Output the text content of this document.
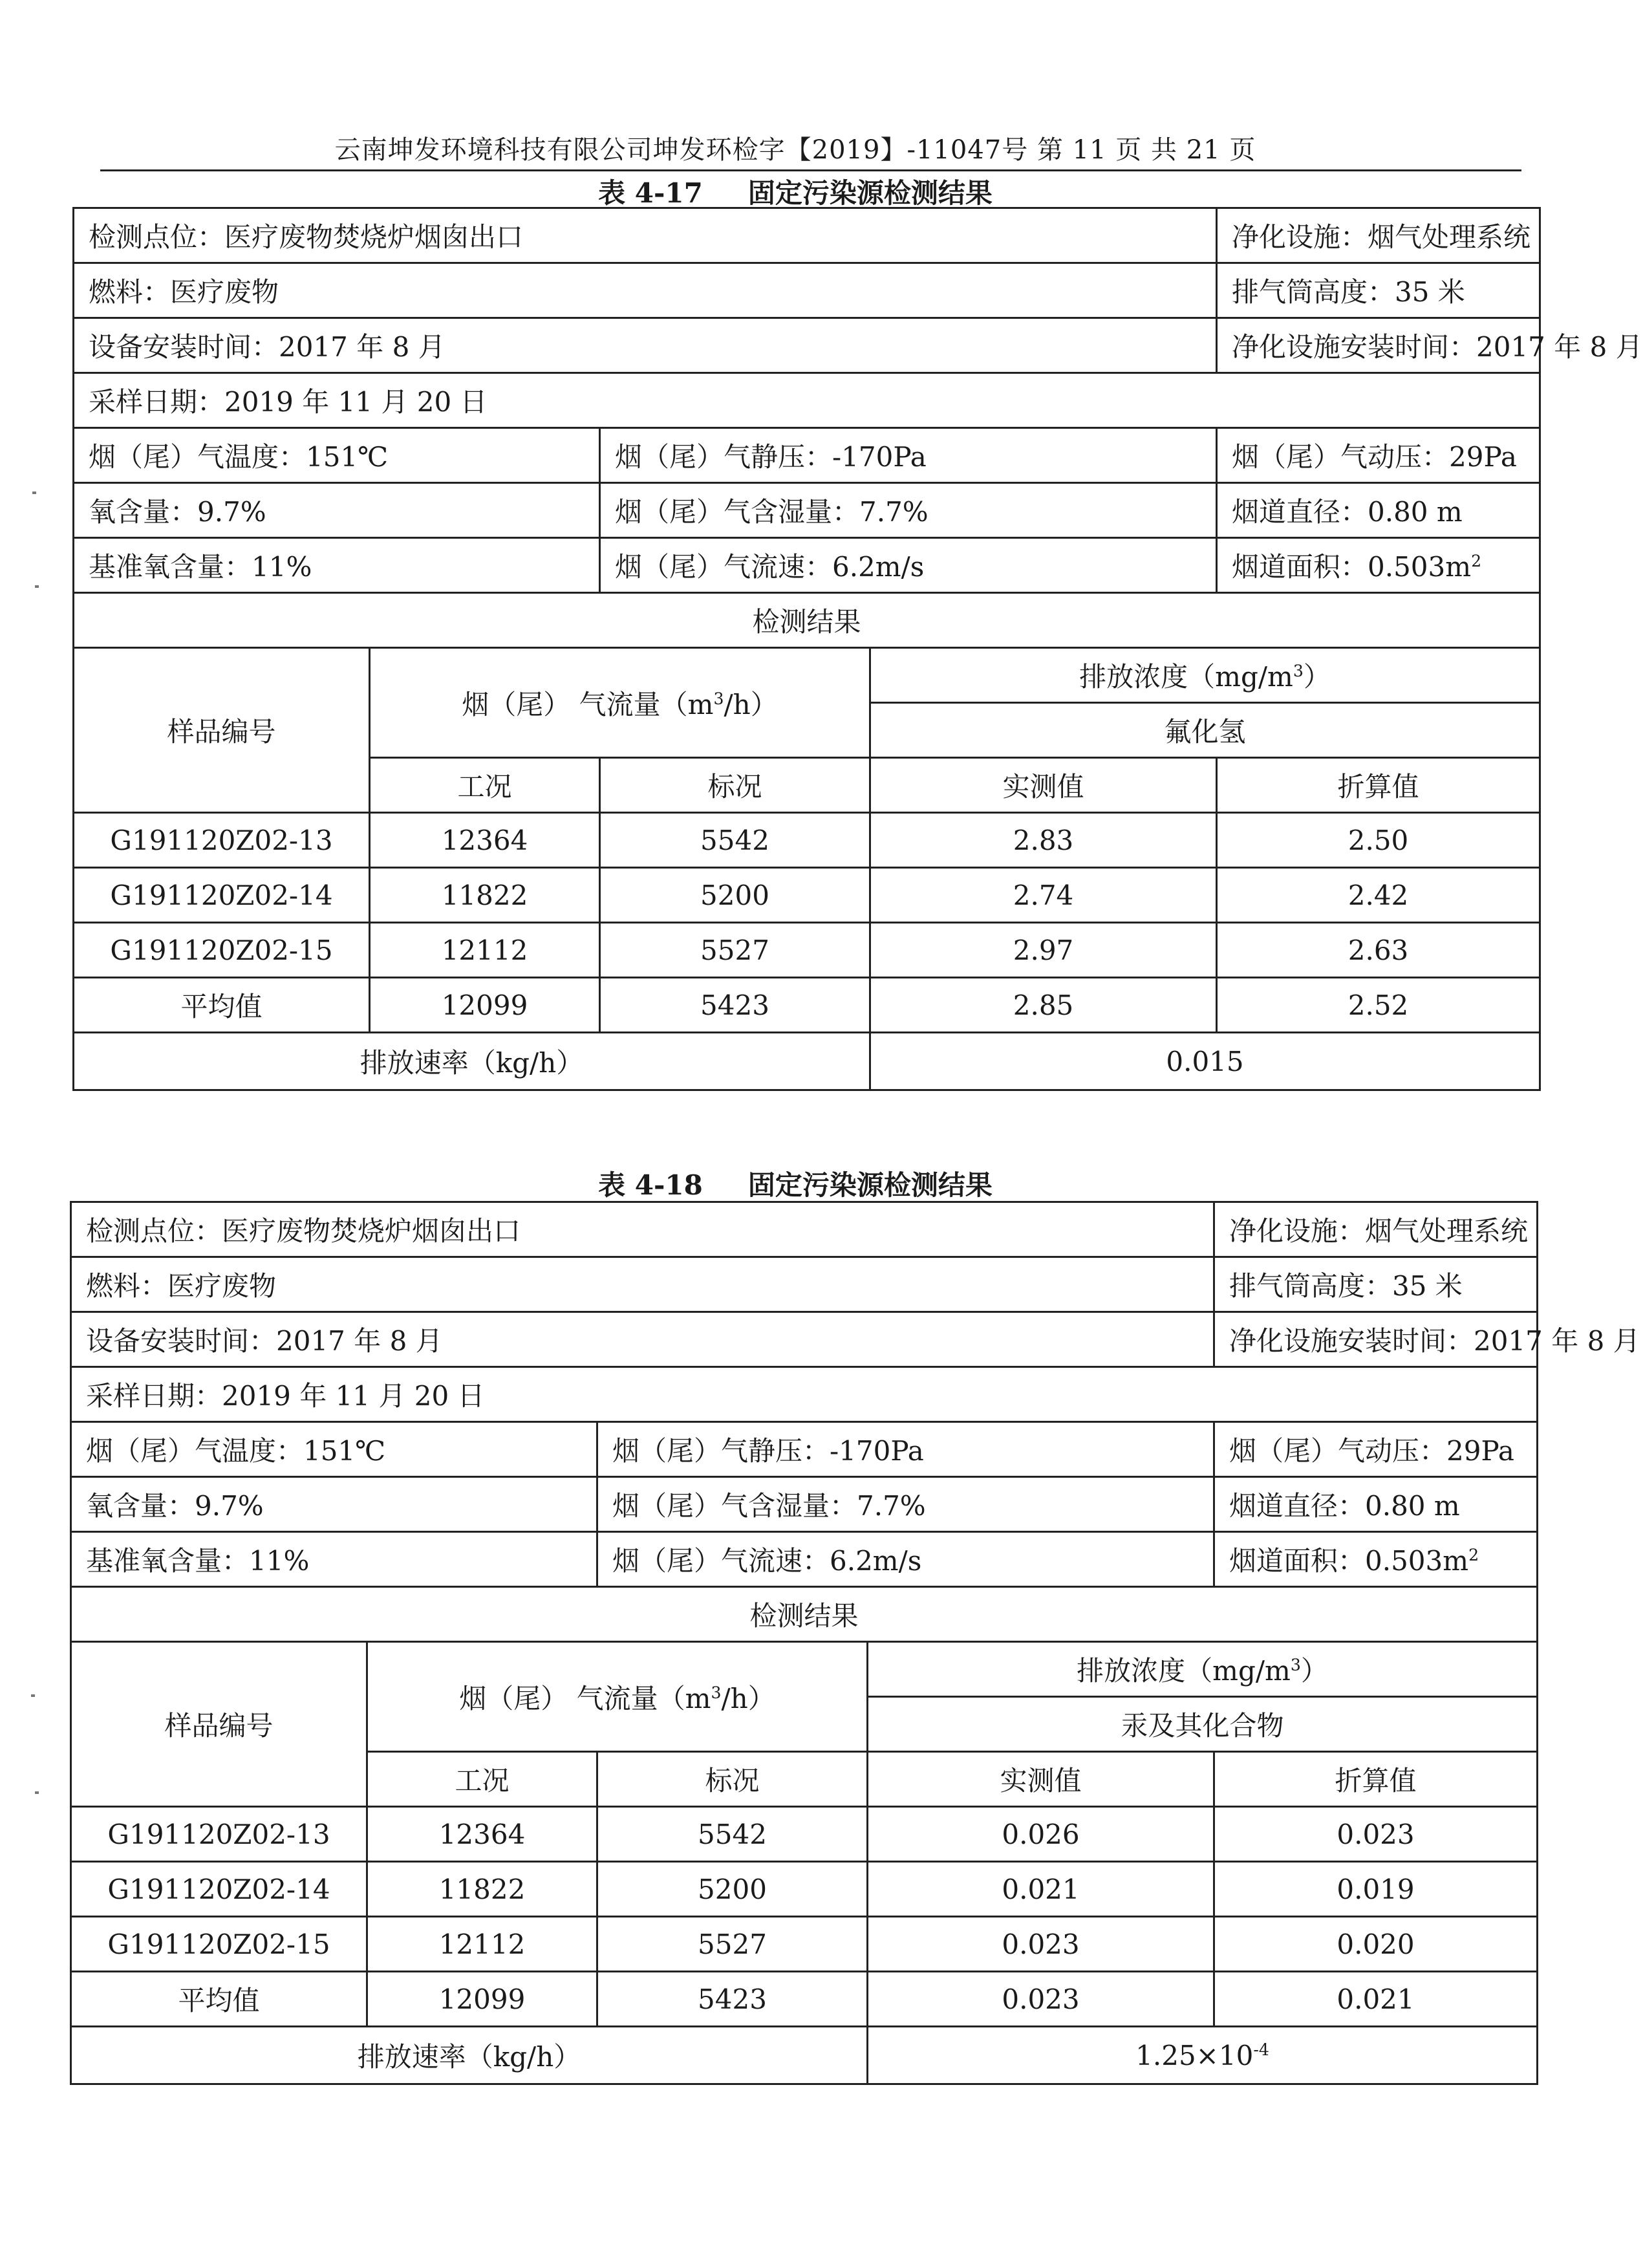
云南坤发环境科技有限公司坤发环检字【2019】-11047号 第 11 页 共 21 页
表 4-17 固定污染源检测结果
检测点位：医疗废物焚烧炉烟囱出口				净化设施：烟气处理系统
燃料：医疗废物				排气筒高度：35 米
设备安装时间：2017 年 8 月				净化设施安装时间：2017 年 8 月
采样日期：2019 年 11 月 20 日				
烟（尾）气温度：151℃		烟（尾）气静压：-170Pa		烟（尾）气动压：29Pa
氧含量：9.7%		烟（尾）气含湿量：7.7%		烟道直径：0.80 m
基准氧含量：11%		烟（尾）气流速：6.2m/s		烟道面积：$0.503m^2$
检测结果				
样品编号	烟（尾） 气流量$(m^3/h)$		排放浓度$(mg/m^3)$	
			氟化氢	
	工况	标况	实测值	折算值
G191120Z02-13	12364	5542	2.83	2.50
G191120Z02-14	11822	5200	2.74	2.42
G191120Z02-15	12112	5527	2.97	2.63
平均值	12099	5423	2.85	2.52
排放速率（kg/h）			0.015	
表 4-18 固定污染源检测结果
检测点位：医疗废物焚烧炉烟囱出口				净化设施：烟气处理系统
燃料：医疗废物				排气筒高度：35 米
设备安装时间：2017 年 8 月				净化设施安装时间：2017 年 8 月
采样日期：2019 年 11 月 20 日				
烟（尾）气温度：151℃		烟（尾）气静压：-170Pa		烟（尾）气动压：29Pa
氧含量：9.7%		烟（尾）气含湿量：7.7%		烟道直径：0.80 m
基准氧含量：11%		烟（尾）气流速：6.2m/s		烟道面积：$0.503m^2$
检测结果				
样品编号	烟（尾） 气流量$(m^3/h)$		排放浓度$(mg/m^3)$	
			汞及其化合物	
	工况	标况	实测值	折算值
G191120Z02-13	12364	5542	0.026	0.023
G191120Z02-14	11822	5200	0.021	0.019
G191120Z02-15	12112	5527	0.023	0.020
平均值	12099	5423	0.023	0.021
排放速率（kg/h）			$1.25\times 10^{-4}$
